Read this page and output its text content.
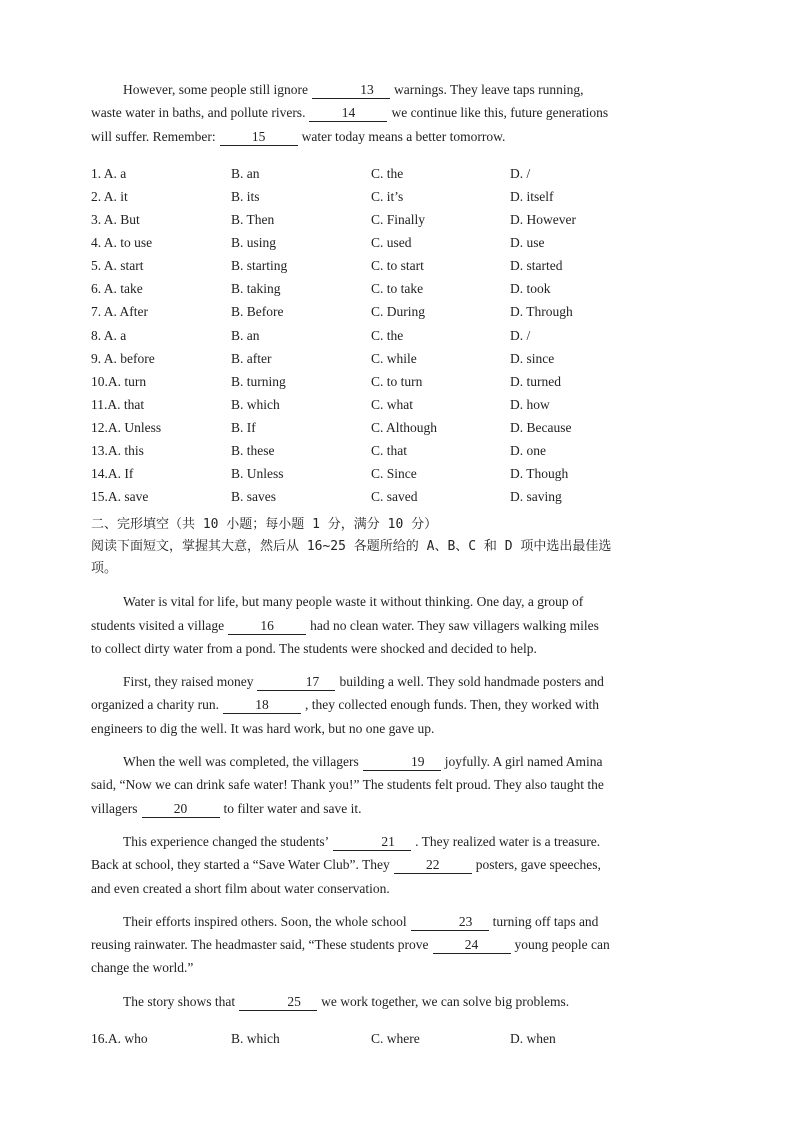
However, some people still ignore	13 warnings. They leave taps running,
waste water in baths, and pollute rivers.	14	we continue like this, future generations
will suffer. Remember:	15	water today means a better tomorrow.
1. A. a	B. an	C. the	D. /
2. A. it	B. its	C. it’s	D. itself
3. A. But	B. Then	C. Finally	D. However
4. A. to use	B. using	C. used	D. use
5. A. start	B. starting	C. to start	D. started
6. A. take	B. taking	C. to take	D. took
7. A. After	B. Before	C. During	D. Through
8. A. a	B. an	C. the	D. /
9. A. before	B. after	C. while	D. since
10.A. turn	B. turning	C. to turn	D. turned
11.A. that	B. which	C. what	D. how
12.A. Unless	B. If	C. Although	D. Because
13.A. this	B. these	C. that	D. one
14.A. If	B. Unless	C. Since	D. Though
15.A. save	B. saves	C. saved	D. saving

二、完形填空（共 10 小题；每小题 1 分，满分 10 分）

阅读下面短文，掌握其大意，然后从 16~25 各题所给的 A、B、C 和 D 项中选出最佳选

项。

Water is vital for life, but many people waste it without thinking. One day, a group of
students visited a village	16	had no clean water. They saw villagers walking miles
to collect dirty water from a pond. The students were shocked and decided to help.
First, they raised money	17 building a well. They sold handmade posters and
organized a charity run.	18	, they collected enough funds. Then, they worked with
engineers to dig the well. It was hard work, but no one gave up.
When the well was completed, the villagers	19 joyfully. A girl named Amina
said, “Now we can drink safe water! Thank you!” The students felt proud. They also taught the
villagers	20	to filter water and save it.
This experience changed the students’	21 . They realized water is a treasure.
Back at school, they started a “Save Water Club”. They	22	posters, gave speeches,
and even created a short film about water conservation.
Their efforts inspired others. Soon, the whole school	23 turning off taps and
reusing rainwater. The headmaster said, “These students prove	24	young people can
change the world.”
The story shows that	25 we work together, we can solve big problems.
16.A. who	B. which	C. where	D. when
